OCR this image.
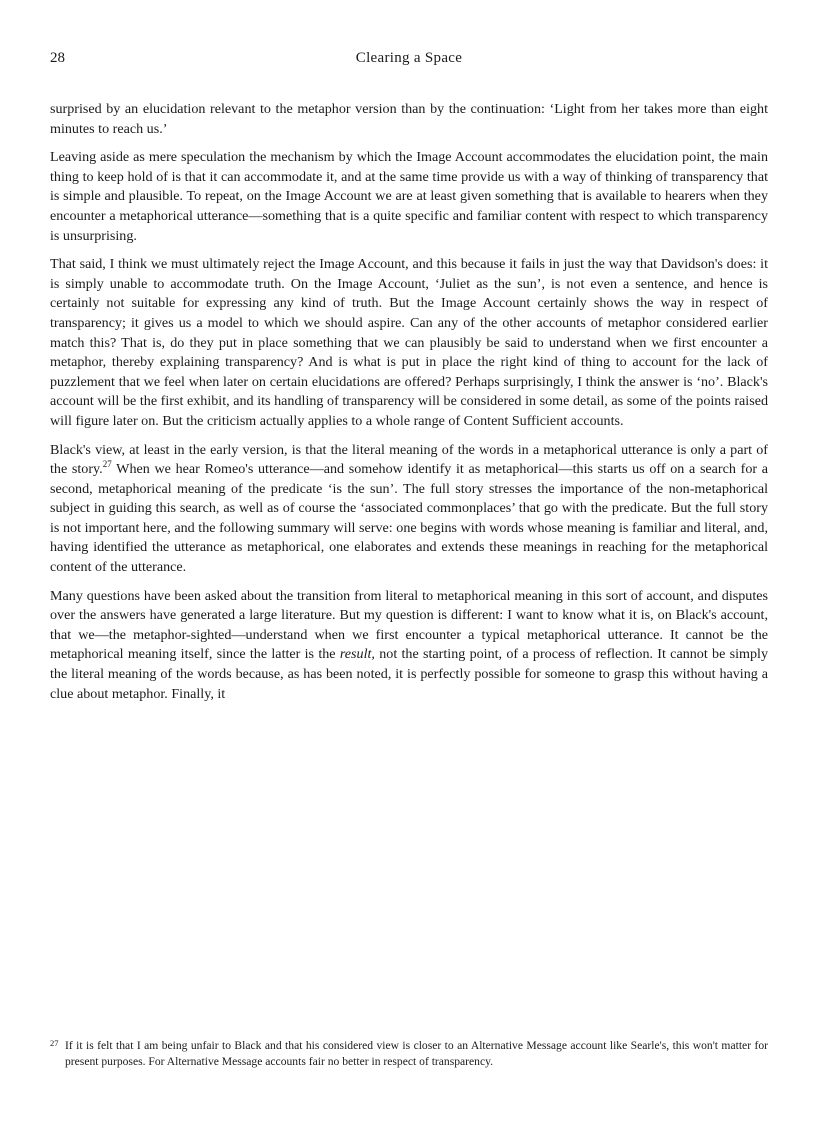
28	Clearing a Space

surprised by an elucidation relevant to the metaphor version than by the continuation: ‘Light from her takes more than eight minutes to reach us.’

Leaving aside as mere speculation the mechanism by which the Image Account accommodates the elucidation point, the main thing to keep hold of is that it can accommodate it, and at the same time provide us with a way of thinking of transparency that is simple and plausible. To repeat, on the Image Account we are at least given something that is available to hearers when they encounter a metaphorical utterance—something that is a quite specific and familiar content with respect to which transparency is unsurprising.

That said, I think we must ultimately reject the Image Account, and this because it fails in just the way that Davidson's does: it is simply unable to accommodate truth. On the Image Account, ‘Juliet as the sun’, is not even a sentence, and hence is certainly not suitable for expressing any kind of truth. But the Image Account certainly shows the way in respect of transparency; it gives us a model to which we should aspire. Can any of the other accounts of metaphor considered earlier match this? That is, do they put in place something that we can plausibly be said to understand when we first encounter a metaphor, thereby explaining transparency? And is what is put in place the right kind of thing to account for the lack of puzzlement that we feel when later on certain elucidations are offered? Perhaps surprisingly, I think the answer is ‘no’. Black's account will be the first exhibit, and its handling of transparency will be considered in some detail, as some of the points raised will figure later on. But the criticism actually applies to a whole range of Content Sufficient accounts.

Black's view, at least in the early version, is that the literal meaning of the words in a metaphorical utterance is only a part of the story.$^{27}$ When we hear Romeo's utterance—and somehow identify it as metaphorical—this starts us off on a search for a second, metaphorical meaning of the predicate ‘is the sun’. The full story stresses the importance of the non-metaphorical subject in guiding this search, as well as of course the ‘associated commonplaces’ that go with the predicate. But the full story is not important here, and the following summary will serve: one begins with words whose meaning is familiar and literal, and, having identified the utterance as metaphorical, one elaborates and extends these meanings in reaching for the metaphorical content of the utterance.

Many questions have been asked about the transition from literal to metaphorical meaning in this sort of account, and disputes over the answers have generated a large literature. But my question is different: I want to know what it is, on Black's account, that we—the metaphor-sighted—understand when we first encounter a typical metaphorical utterance. It cannot be the metaphorical meaning itself, since the latter is the result, not the starting point, of a process of reflection. It cannot be simply the literal meaning of the words because, as has been noted, it is perfectly possible for someone to grasp this without having a clue about metaphor. Finally, it

27 If it is felt that I am being unfair to Black and that his considered view is closer to an Alternative Message account like Searle's, this won't matter for present purposes. For Alternative Message accounts fair no better in respect of transparency.
